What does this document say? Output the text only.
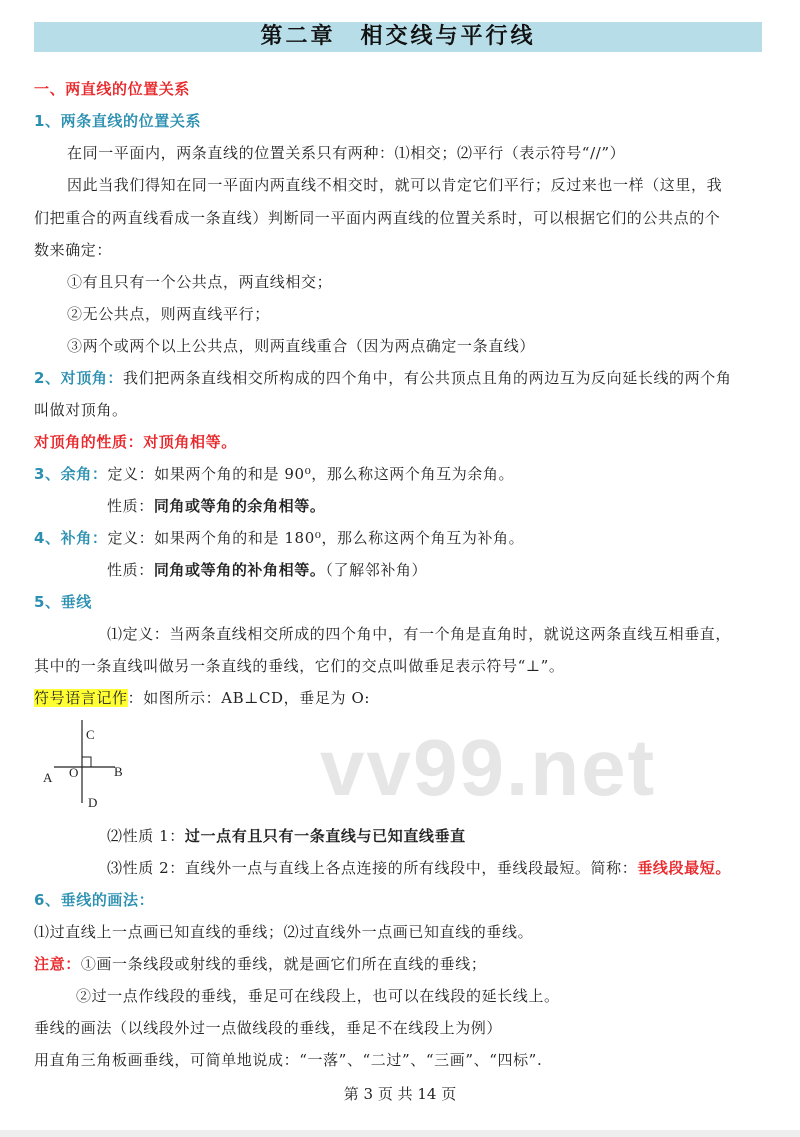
第二章　相交线与平行线
一、两直线的位置关系
1、两条直线的位置关系
在同一平面内，两条直线的位置关系只有两种：⑴相交；⑵平行（表示符号“//”）
因此当我们得知在同一平面内两直线不相交时，就可以肯定它们平行；反过来也一样（这里，我
们把重合的两直线看成一条直线）判断同一平面内两直线的位置关系时，可以根据它们的公共点的个
数来确定：
①有且只有一个公共点，两直线相交；
②无公共点，则两直线平行；
③两个或两个以上公共点，则两直线重合（因为两点确定一条直线）
2、对顶角：我们把两条直线相交所构成的四个角中，有公共顶点且角的两边互为反向延长线的两个角
叫做对顶角。
对顶角的性质：对顶角相等。
3、余角：定义：如果两个角的和是 90⁰，那么称这两个角互为余角。
性质：同角或等角的余角相等。
4、补角：定义：如果两个角的和是 180⁰，那么称这两个角互为补角。
性质：同角或等角的补角相等。（了解邻补角）
5、垂线
⑴定义：当两条直线相交所成的四个角中，有一个角是直角时，就说这两条直线互相垂直，
其中的一条直线叫做另一条直线的垂线，它们的交点叫做垂足表示符号“⊥”。
符号语言记作：如图所示：AB⊥CD，垂足为 O:
C
A O	B
D	vv99.net
⑵性质 1：过一点有且只有一条直线与已知直线垂直
⑶性质 2：直线外一点与直线上各点连接的所有线段中，垂线段最短。简称：垂线段最短。
6、垂线的画法：
⑴过直线上一点画已知直线的垂线；⑵过直线外一点画已知直线的垂线。
注意：①画一条线段或射线的垂线，就是画它们所在直线的垂线；
②过一点作线段的垂线，垂足可在线段上，也可以在线段的延长线上。
垂线的画法（以线段外过一点做线段的垂线，垂足不在线段上为例）
用直角三角板画垂线，可简单地说成：“一落”、“二过”、“三画”、“四标”.
第 3 页 共 14 页
